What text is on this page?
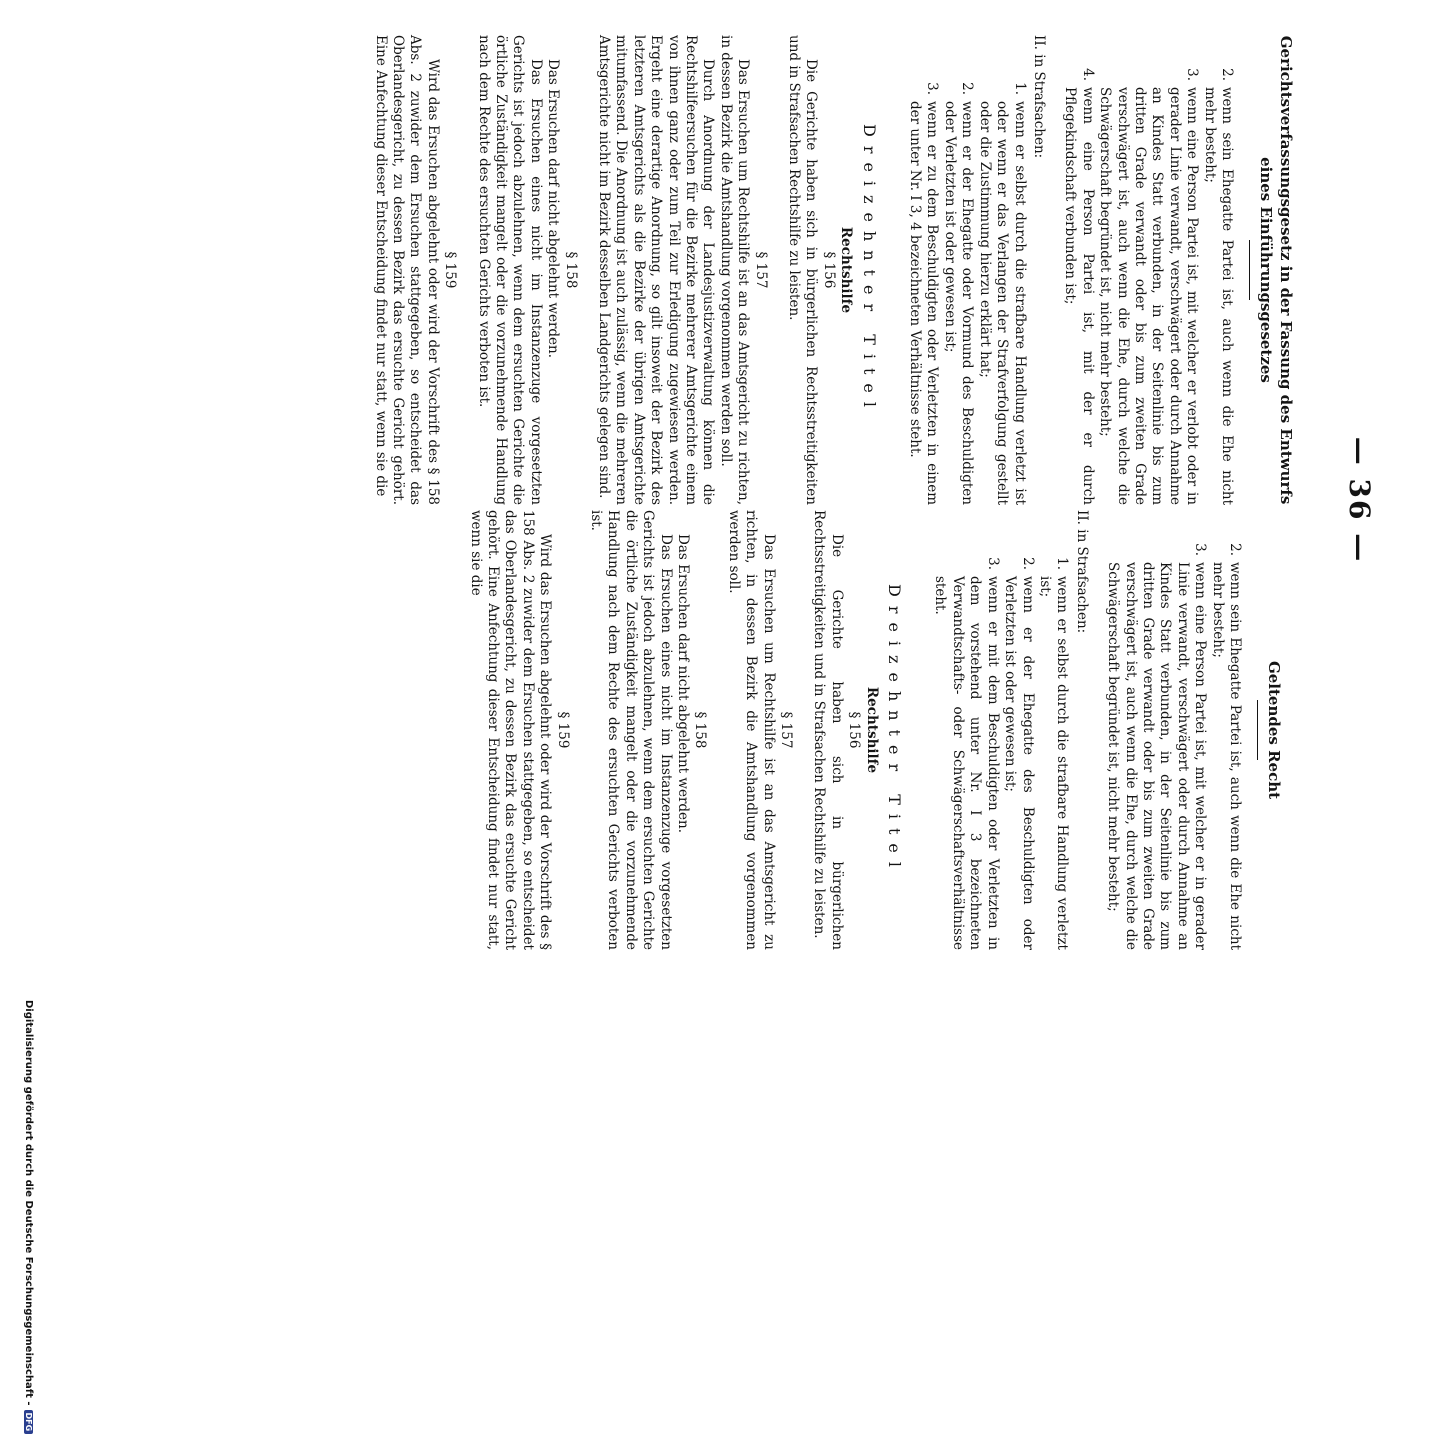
— 36 —
Gerichtsverfassungsgesetz in der Fassung des Entwurfs eines Einführungsgesetzes
2.
wenn sein Ehegatte Partei ist, auch wenn die Ehe nicht mehr besteht;
3.
wenn eine Person Partei ist, mit welcher er verlobt oder in gerader Linie verwandt, verschwägert oder durch Annahme an Kindes Statt verbunden, in der Seitenlinie bis zum dritten Grade verwandt oder bis zum zweiten Grade verschwägert ist, auch wenn die Ehe, durch welche die Schwägerschaft begründet ist, nicht mehr besteht;
4.
wenn eine Person Partei ist, mit der er durch Pflegekindschaft verbunden ist;
II. in Strafsachen:
1.
wenn er selbst durch die strafbare Handlung verletzt ist oder wenn er das Verlangen der Strafverfolgung gestellt oder die Zustimmung hierzu erklärt hat;
2.
wenn er der Ehegatte oder Vormund des Beschuldigten oder Verletzten ist oder gewesen ist;
3.
wenn er zu dem Beschuldigten oder Verletzten in einem der unter Nr. I 3, 4 bezeichneten Verhältnisse steht.
Dreizehnter Titel
Rechtshilfe
§ 156

Die Gerichte haben sich in bürgerlichen Rechtsstreitigkeiten und in Strafsachen Rechtshilfe zu leisten.

§ 157

Das Ersuchen um Rechtshilfe ist an das Amtsgericht zu richten, in dessen Bezirk die Amtshandlung vorgenommen werden soll.

Durch Anordnung der Landesjustizverwaltung können die Rechtshilfeersuchen für die Bezirke mehrerer Amtsgerichte einem von ihnen ganz oder zum Teil zur Erledigung zugewiesen werden. Ergeht eine derartige Anordnung, so gilt insoweit der Bezirk des letzteren Amtsgerichts als die Bezirke der übrigen Amtsgerichte mitumfassend. Die Anordnung ist auch zulässig, wenn die mehreren Amtsgerichte nicht im Bezirk desselben Landgerichts gelegen sind.

§ 158

Das Ersuchen darf nicht abgelehnt werden.

Das Ersuchen eines nicht im Instanzenzuge vorgesetzten Gerichts ist jedoch abzulehnen, wenn dem ersuchten Gerichte die örtliche Zuständigkeit mangelt oder die vorzunehmende Handlung nach dem Rechte des ersuchten Gerichts verboten ist.

§ 159

Wird das Ersuchen abgelehnt oder wird der Vorschrift des § 158 Abs. 2 zuwider dem Ersuchen stattgegeben, so entscheidet das Oberlandesgericht, zu dessen Bezirk das ersuchte Gericht gehört. Eine Anfechtung dieser Entscheidung findet nur statt, wenn sie die

Geltendes Recht
2.
wenn sein Ehegatte Partei ist, auch wenn die Ehe nicht mehr besteht;
3.
wenn eine Person Partei ist, mit welcher er in gerader Linie verwandt, verschwägert oder durch Annahme an Kindes Statt verbunden, in der Seitenlinie bis zum dritten Grade verwandt oder bis zum zweiten Grade verschwägert ist, auch wenn die Ehe, durch welche die Schwägerschaft begründet ist, nicht mehr besteht;
II. in Strafsachen:
1.
wenn er selbst durch die strafbare Handlung verletzt ist;
2.
wenn er der Ehegatte des Beschuldigten oder Verletzten ist oder gewesen ist;
3.
wenn er mit dem Beschuldigten oder Verletzten in dem vorstehend unter Nr. I 3 bezeichneten Verwandtschafts- oder Schwägerschaftsverhältnisse steht.
Dreizehnter Titel
Rechtshilfe
§ 156

Die Gerichte haben sich in bürgerlichen Rechtsstreitigkeiten und in Strafsachen Rechtshilfe zu leisten.

§ 157

Das Ersuchen um Rechtshilfe ist an das Amtsgericht zu richten, in dessen Bezirk die Amtshandlung vorgenommen werden soll.

§ 158

Das Ersuchen darf nicht abgelehnt werden.

Das Ersuchen eines nicht im Instanzenzuge vorgesetzten Gerichts ist jedoch abzulehnen, wenn dem ersuchten Gerichte die örtliche Zuständigkeit mangelt oder die vorzunehmende Handlung nach dem Rechte des ersuchten Gerichts verboten ist.

§ 159

Wird das Ersuchen abgelehnt oder wird der Vorschrift des § 158 Abs. 2 zuwider dem Ersuchen stattgegeben, so entscheidet das Oberlandesgericht, zu dessen Bezirk das ersuchte Gericht gehört. Eine Anfechtung dieser Entscheidung findet nur statt, wenn sie die

Digitalisierung gefördert durch die Deutsche Forschungsgemeinschaft -DFG
